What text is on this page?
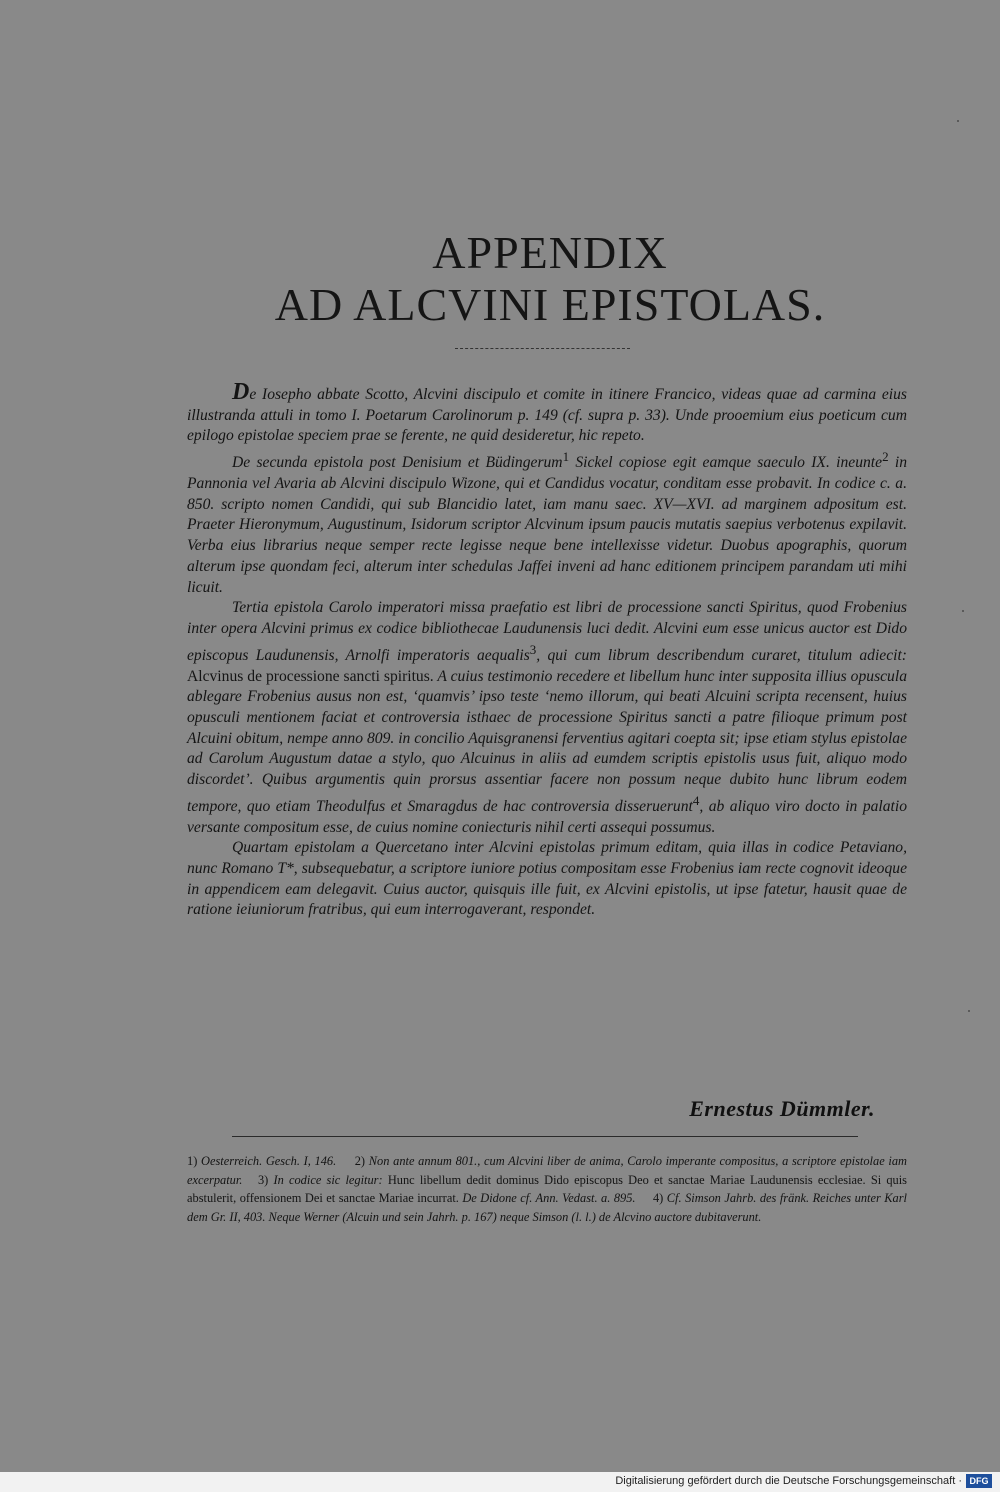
APPENDIX
AD ALCVINI EPISTOLAS.

De Iosepho abbate Scotto, Alcvini discipulo et comite in itinere Francico, videas quae ad carmina eius illustranda attuli in tomo I. Poetarum Carolinorum p. 149 (cf. supra p. 33). Unde prooemium eius poeticum cum epilogo epistolae speciem prae se ferente, ne quid desideretur, hic repeto.

De secunda epistola post Denisium et Büdingerum$^1$ Sickel copiose egit eamque saeculo IX. ineunte$^2$ in Pannonia vel Avaria ab Alcvini discipulo Wizone, qui et Candidus vocatur, conditam esse probavit. In codice c. a. 850. scripto nomen Candidi, qui sub Blancidio latet, iam manu saec. XV—XVI. ad marginem adpositum est. Praeter Hieronymum, Augustinum, Isidorum scriptor Alcvinum ipsum paucis mutatis saepius verbotenus expilavit. Verba eius librarius neque semper recte legisse neque bene intellexisse videtur. Duobus apographis, quorum alterum ipse quondam feci, alterum inter schedulas Jaffei inveni ad hanc editionem principem parandam uti mihi licuit.

Tertia epistola Carolo imperatori missa praefatio est libri de processione sancti Spiritus, quod Frobenius inter opera Alcvini primus ex codice bibliothecae Laudunensis luci dedit. Alcvini eum esse unicus auctor est Dido episcopus Laudunensis, Arnolfi imperatoris aequalis$^3$, qui cum librum describendum curaret, titulum adiecit: Alcvinus de processione sancti spiritus. A cuius testimonio recedere et libellum hunc inter supposita illius opuscula ablegare Frobenius ausus non est, ‘quamvis’ ipso teste ‘nemo illorum, qui beati Alcuini scripta recensent, huius opusculi mentionem faciat et controversia isthaec de processione Spiritus sancti a patre filioque primum post Alcuini obitum, nempe anno 809. in concilio Aquisgranensi ferventius agitari coepta sit; ipse etiam stylus epistolae ad Carolum Augustum datae a stylo, quo Alcuinus in aliis ad eumdem scriptis epistolis usus fuit, aliquo modo discordet’. Quibus argumentis quin prorsus assentiar facere non possum neque dubito hunc librum eodem tempore, quo etiam Theodulfus et Smaragdus de hac controversia disseruerunt$^4$, ab aliquo viro docto in palatio versante compositum esse, de cuius nomine coniecturis nihil certi assequi possumus.

Quartam epistolam a Quercetano inter Alcvini epistolas primum editam, quia illas in codice Petaviano, nunc Romano T*, subsequebatur, a scriptore iuniore potius compositam esse Frobenius iam recte cognovit ideoque in appendicem eam delegavit. Cuius auctor, quisquis ille fuit, ex Alcvini epistolis, ut ipse fatetur, hausit quae de ratione ieiuniorum fratribus, qui eum interrogaverant, respondet.

Ernestus Dümmler.
1) Oesterreich. Gesch. I, 146. 2) Non ante annum 801., cum Alcvini liber de anima, Carolo imperante compositus, a scriptore epistolae iam excerpatur. 3) In codice sic legitur: Hunc libellum dedit dominus Dido episcopus Deo et sanctae Mariae Laudunensis ecclesiae. Si quis abstulerit, offensionem Dei et sanctae Mariae incurrat. De Didone cf. Ann. Vedast. a. 895. 4) Cf. Simson Jahrb. des fränk. Reiches unter Karl dem Gr. II, 403. Neque Werner (Alcuin und sein Jahrh. p. 167) neque Simson (l. l.) de Alcvino auctore dubitaverunt.
Digitalisierung gefördert durch die Deutsche Forschungsgemeinschaft · DFG
